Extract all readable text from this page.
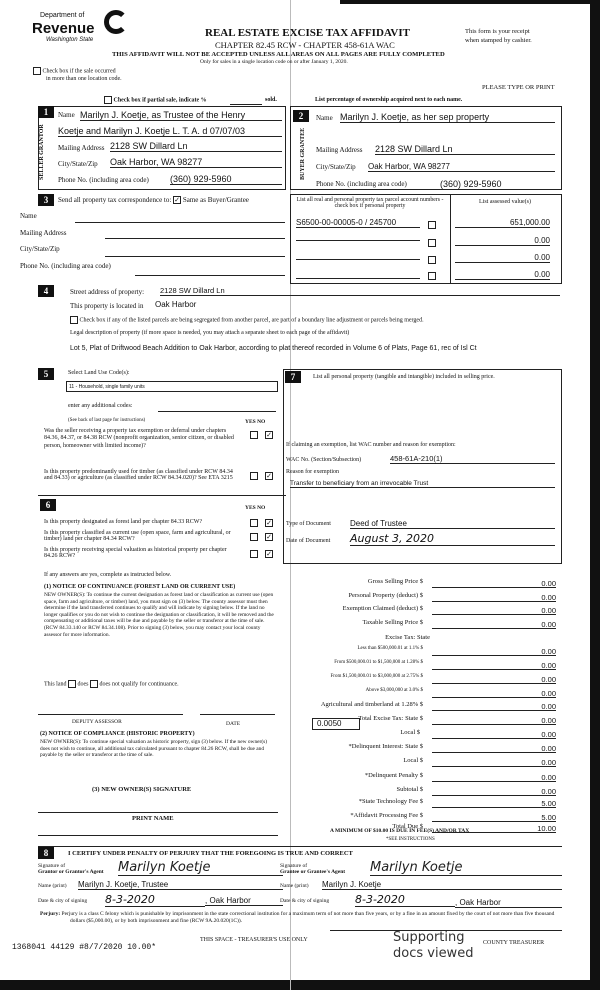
Department of
Revenue
Washington State
REAL ESTATE EXCISE TAX AFFIDAVIT
CHAPTER 82.45 RCW - CHAPTER 458-61A WAC
THIS AFFIDAVIT WILL NOT BE ACCEPTED UNLESS ALL AREAS ON ALL PAGES ARE FULLY COMPLETED
Only for sales in a single location code on or after January 1, 2020.
This form is your receipt
when stamped by cashier.
Check box if the sale occurred
in more than one location code.
PLEASE TYPE OR PRINT
Check box if partial sale, indicate %	sold.	List percentage of ownership acquired next to each name.
1
SELLER GRANTOR
Name Marilyn J. Koetje, as Trustee of the Henry
Koetje and Marilyn J. Koetje L. T. A. d 07/07/03
Mailing Address 2128 SW Dillard Ln
City/State/Zip Oak Harbor, WA 98277
Phone No. (including area code) (360) 929-5960
2
BUYER GRANTEE
Name Marilyn J. Koetje, as her sep property
Mailing Address 2128 SW Dillard Ln
City/State/Zip Oak Harbor, WA 98277
Phone No. (including area code)	(360) 929-5960
3	Send all property tax correspondence to: ✓ Same as Buyer/Grantee
Name
Mailing Address
City/State/Zip
Phone No. (including area code)
List all real and personal property tax parcel account numbers - check box if personal property
List assessed value(s)
S6500-00-00005-0 / 245700	651,000.00
0.00
0.00
0.00
4	Street address of property: 2128 SW Dillard Ln
This property is located in Oak Harbor
Check box if any of the listed parcels are being segregated from another parcel, are part of a boundary line adjustment or parcels being merged.
Legal description of property (if more space is needed, you may attach a separate sheet to each page of the affidavit)
Lot 5, Plat of Driftwood Beach Addition to Oak Harbor, according to plat thereof recorded in Volume 6 of Plats, Page 61, rec of Isl Ct
5	Select Land Use Code(s):
11 - Household, single family units
enter any additional codes:
(See back of last page for instructions)	YES NO
Was the seller receiving a property tax exemption or deferral under chapters 84.36, 84.37, or 84.38 RCW (nonprofit organization, senior citizen, or disabled person, homeowner with limited income)?
✓
Is this property predominantly used for timber (as classified under RCW 84.34 and 84.33) or agriculture (as classified under RCW 84.34.020)? See ETA 3215	✓
6	YES NO
Is this property designated as forest land per chapter 84.33 RCW?	✓
Is this property classified as current use (open space, farm and agricultural, or timber) land per chapter 84.34 RCW?	✓
Is this property receiving special valuation as historical property per chapter 84.26 RCW?	✓
If any answers are yes, complete as instructed below.
(1) NOTICE OF CONTINUANCE (FOREST LAND OR CURRENT USE)
NEW OWNER(S): To continue the current designation as forest land or classification as current use (open space, farm and agriculture, or timber) land, you must sign on (3) below. The county assessor must then determine if the land transferred continues to qualify and will indicate by signing below. If the land no longer qualifies or you do not wish to continue the designation or classification, it will be removed and the compensating or additional taxes will be due and payable by the seller or transferor at the time of sale. (RCW 84.33.140 or RCW 84.34.108). Prior to signing (3) below, you may contact your local county assessor for more information.
This land does does not qualify for continuance.
DEPUTY ASSESSOR	DATE
(2) NOTICE OF COMPLIANCE (HISTORIC PROPERTY)
NEW OWNER(S): To continue special valuation as historic property, sign (3) below. If the new owner(s) does not wish to continue, all additional tax calculated pursuant to chapter 84.26 RCW, shall be due and payable by the seller or transferor at the time of sale.
(3) NEW OWNER(S) SIGNATURE
PRINT NAME
7	List all personal property (tangible and intangible) included in selling price.
If claiming an exemption, list WAC number and reason for exemption:
WAC No. (Section/Subsection)	458-61A-210(1)
Reason for exemption
Transfer to beneficiary from an irrevocable Trust
Type of Document Deed of Trustee
Date of Document August 3, 2020
Gross Selling Price $	0.00
Personal Property (deduct) $	0.00
Exemption Claimed (deduct) $	0.00
Taxable Selling Price $	0.00
Excise Tax: State
Less than $500,000.01 at 1.1% $	0.00
From $500,000.01 to $1,500,000 at 1.28% $	0.00
From $1,500,000.01 to $3,000,000 at 2.75% $	0.00
Above $3,000,000 at 3.0% $	0.00
Agricultural and timberland at 1.28% $	0.00
Total Excise Tax: State $	0.00
Local $	0.00
*Delinquent Interest: State $	0.00
Local $	0.00
*Delinquent Penalty $	0.00
Subtotal $	0.00
*State Technology Fee $	5.00
*Affidavit Processing Fee $	5.00
Total Due $	10.00
0.0050
A MINIMUM OF $10.00 IS DUE IN FEE(S) AND/OR TAX
*SEE INSTRUCTIONS
8	I CERTIFY UNDER PENALTY OF PERJURY THAT THE FOREGOING IS TRUE AND CORRECT
Signature of
Grantor or Grantor's Agent Marilyn Koetje	Signature of
Grantee or Grantee's Agent Marilyn Koetje
Name (print) Marilyn J. Koetje, Trustee	Name (print) Marilyn J. Koetje
Date & city of signing 8-3-2020	, Oak Harbor	Date & city of signing 8-3-2020	, Oak Harbor
Perjury: Perjury is a class C felony which is punishable by imprisonment in the state correctional institution for a maximum term of not more than five years, or by a fine in an amount fixed by the court of not more than five thousand dollars ($5,000.00), or by both imprisonment and fine (RCW 9A.20.020(1C)).
THIS SPACE - TREASURER'S USE ONLY	COUNTY TREASURER
Supporting
docs viewed
1368041 44129 #8/7/2020 10.00*
